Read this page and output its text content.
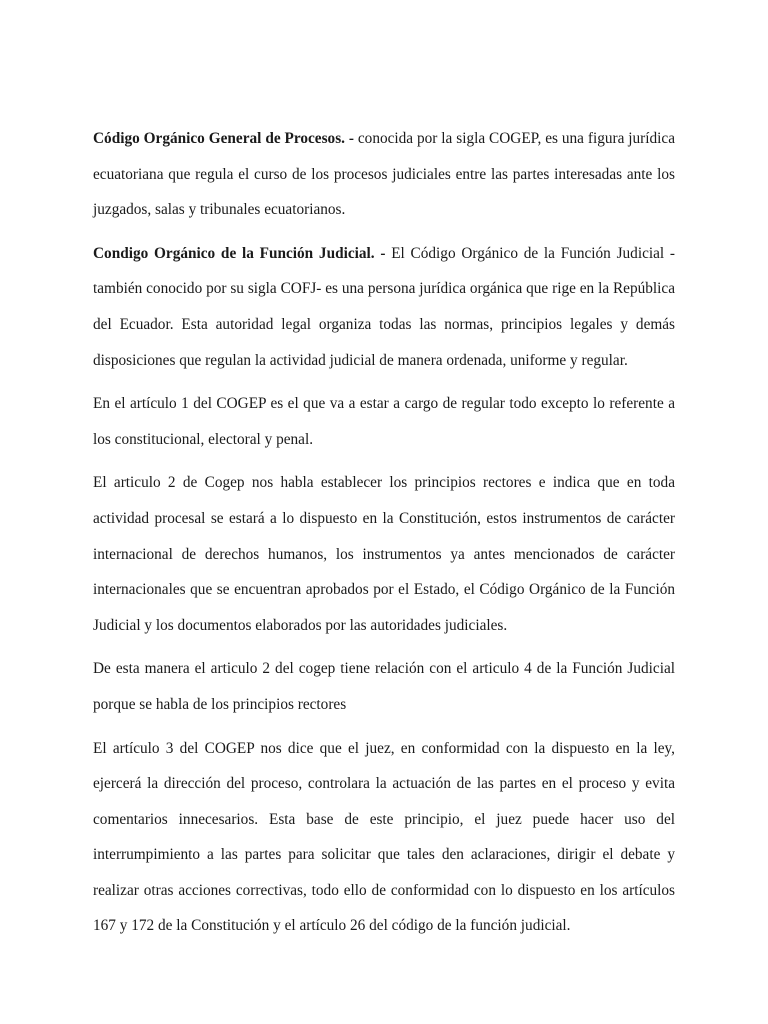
Código Orgánico General de Procesos. - conocida por la sigla COGEP, es una figura jurídica ecuatoriana que regula el curso de los procesos judiciales entre las partes interesadas ante los juzgados, salas y tribunales ecuatorianos.

Condigo Orgánico de la Función Judicial. - El Código Orgánico de la Función Judicial -también conocido por su sigla COFJ- es una persona jurídica orgánica que rige en la República del Ecuador. Esta autoridad legal organiza todas las normas, principios legales y demás disposiciones que regulan la actividad judicial de manera ordenada, uniforme y regular.

En el artículo 1 del COGEP es el que va a estar a cargo de regular todo excepto lo referente a los constitucional, electoral y penal.

El articulo 2 de Cogep nos habla establecer los principios rectores e indica que en toda actividad procesal se estará a lo dispuesto en la Constitución, estos instrumentos de carácter internacional de derechos humanos, los instrumentos ya antes mencionados de carácter internacionales que se encuentran aprobados por el Estado, el Código Orgánico de la Función Judicial y los documentos elaborados por las autoridades judiciales.

De esta manera el articulo 2 del cogep tiene relación con el articulo 4 de la Función Judicial porque se habla de los principios rectores

El artículo 3 del COGEP nos dice que el juez, en conformidad con la dispuesto en la ley, ejercerá la dirección del proceso, controlara la actuación de las partes en el proceso y evita comentarios innecesarios. Esta base de este principio, el juez puede hacer uso del interrumpimiento a las partes para solicitar que tales den aclaraciones, dirigir el debate y realizar otras acciones correctivas, todo ello de conformidad con lo dispuesto en los artículos 167 y 172 de la Constitución y el artículo 26 del código de la función judicial.
